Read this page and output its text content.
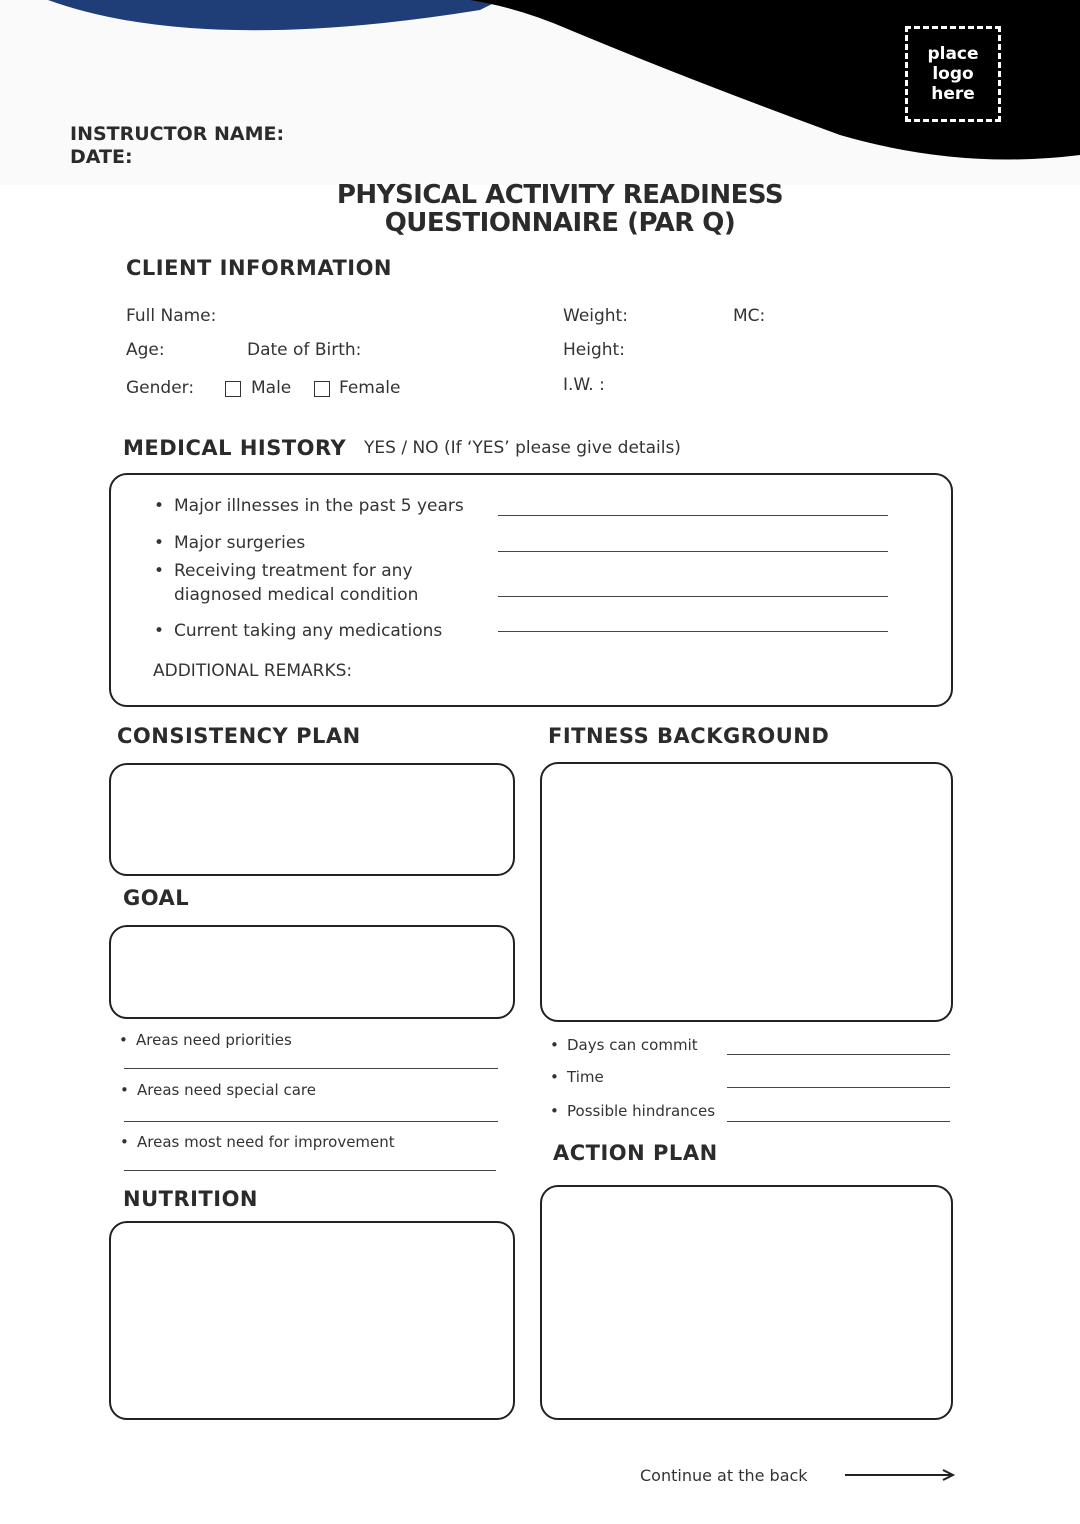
place
logo here
INSTRUCTOR NAME:
DATE:
PHYSICAL ACTIVITY READINESS
QUESTIONNAIRE (PAR Q)
CLIENT INFORMATION
Full Name:
Age:	Date of Birth:
Gender:	Male	Female
Weight:	MC:
Height:
I.W. :
MEDICAL HISTORY YES / NO (If ‘YES’ please give details)
• Major illnesses in the past 5 years
• Major surgeries
• Receiving treatment for any
diagnosed medical condition
• Current taking any medications
ADDITIONAL REMARKS:
CONSISTENCY PLAN	FITNESS BACKGROUND
GOAL
• Areas need priorities
• Areas need special care
• Areas most need for improvement
• Days can commit
• Time
• Possible hindrances
ACTION PLAN
NUTRITION
Continue at the back
